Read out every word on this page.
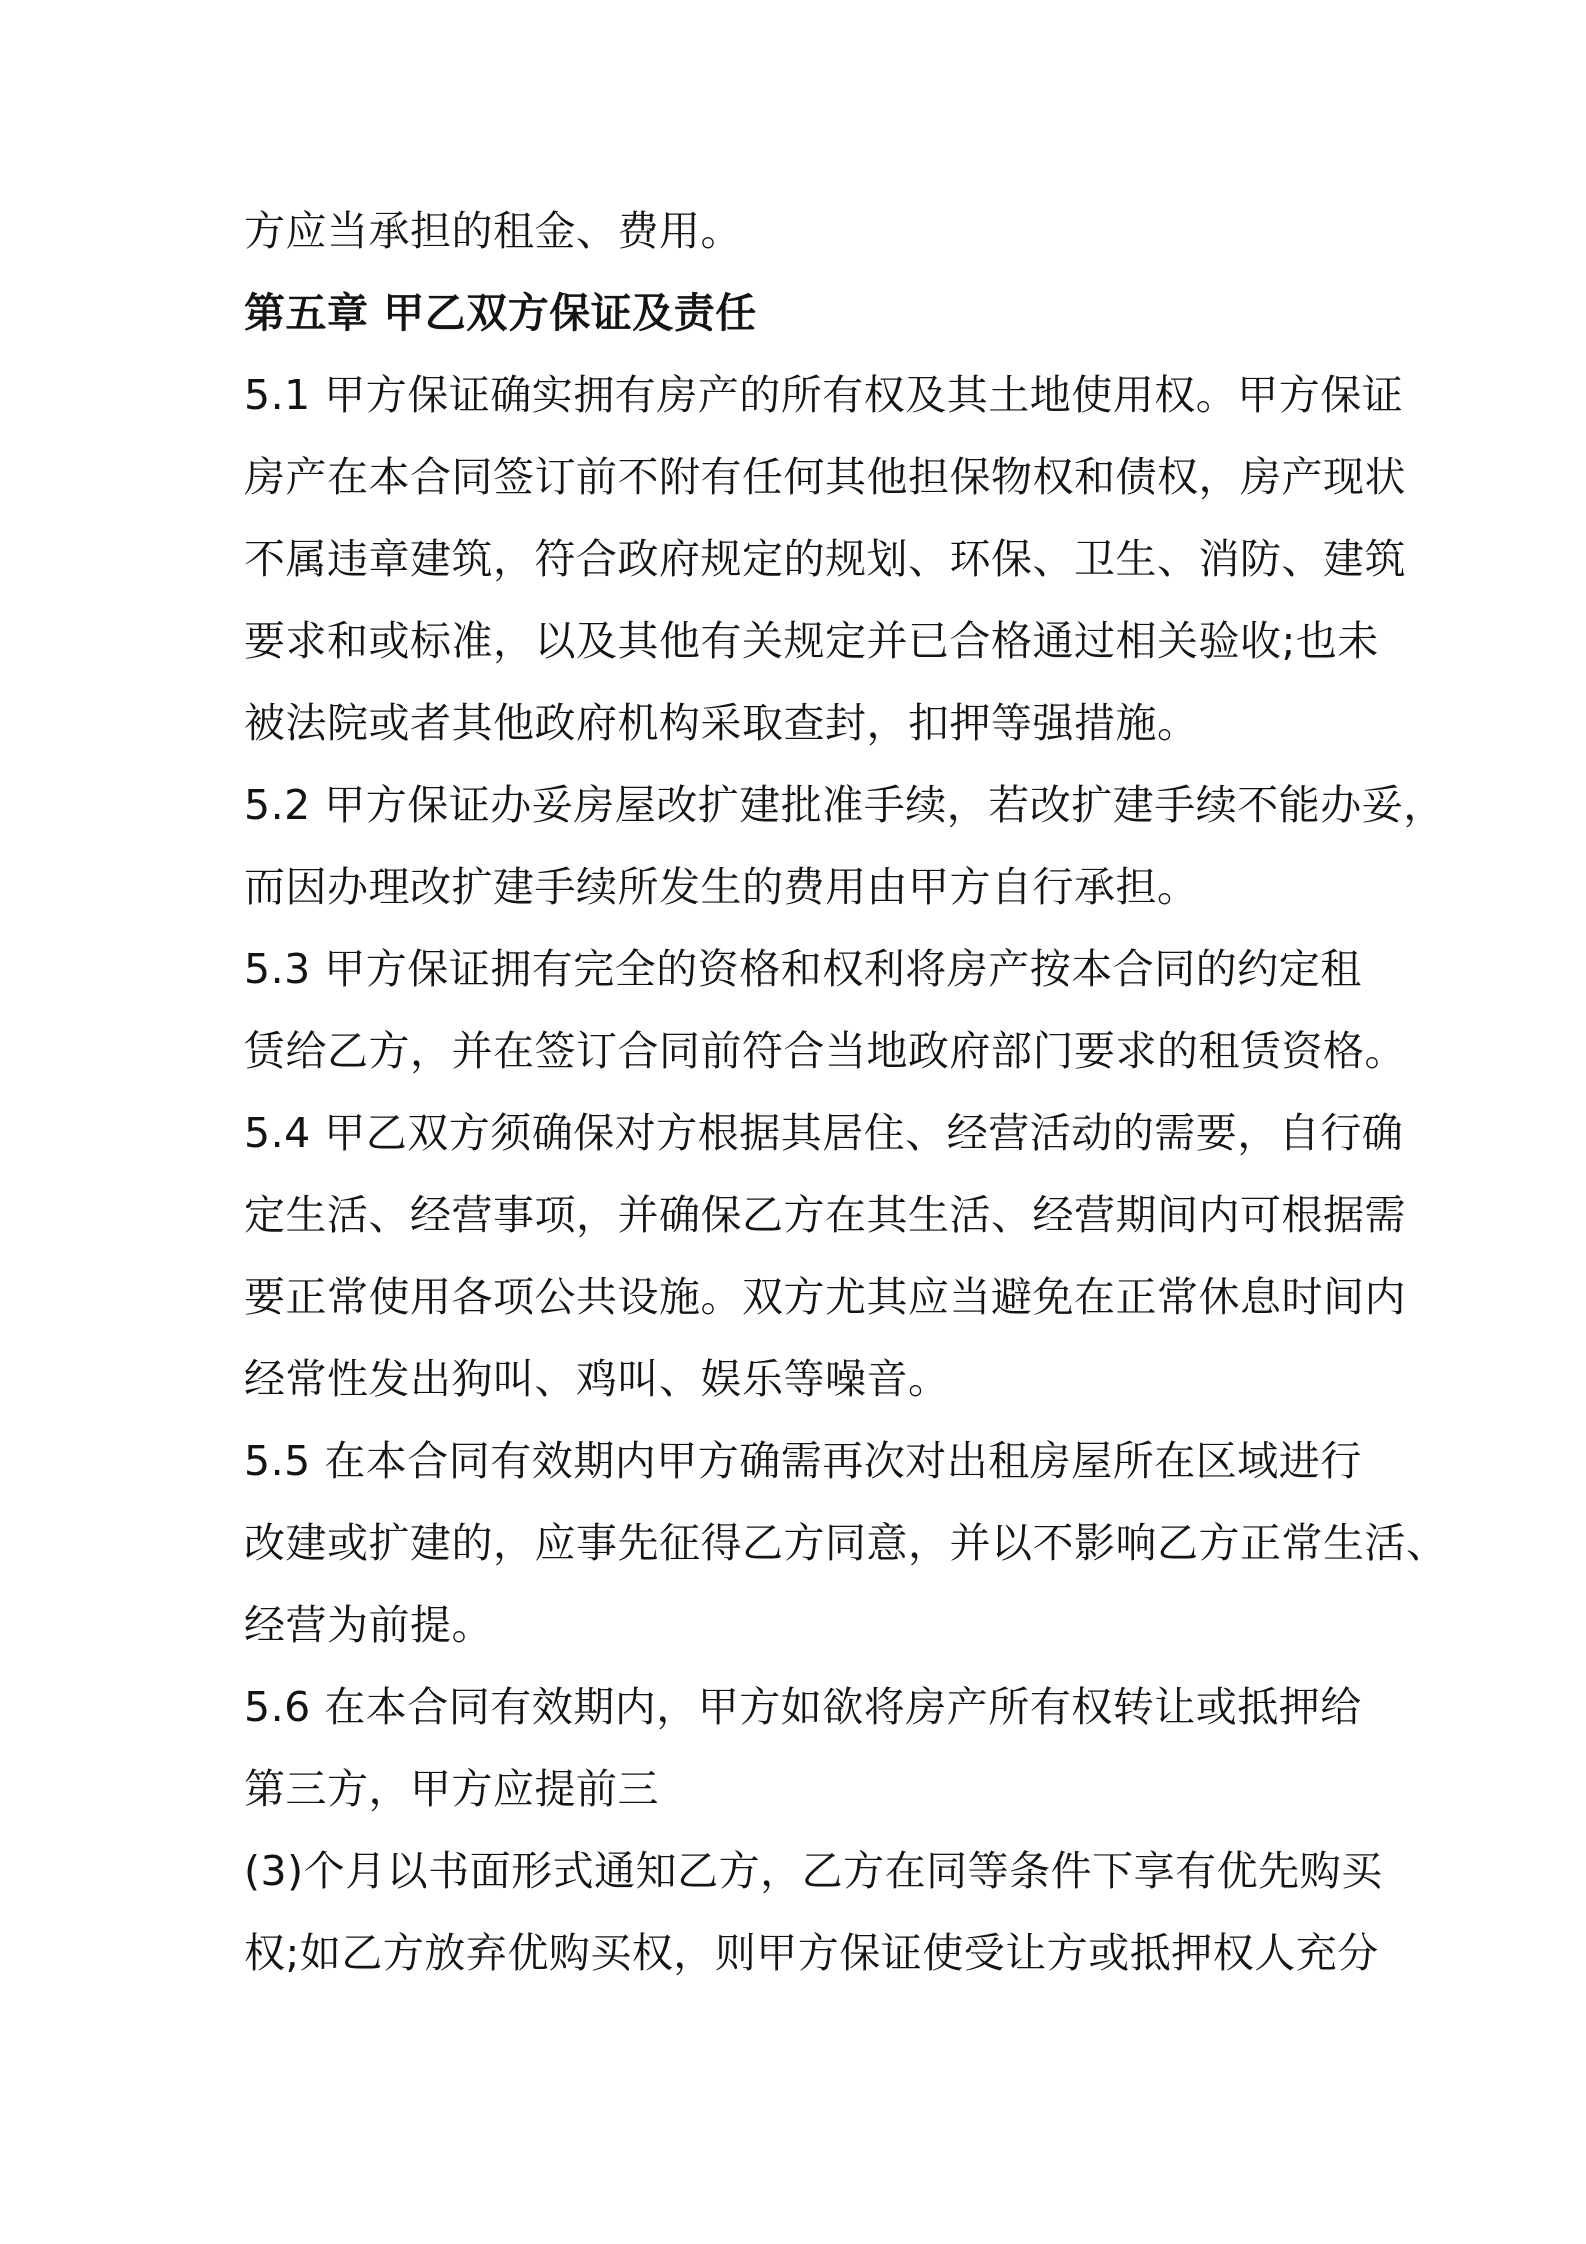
方应当承担的租金、费用。
第五章 甲乙双方保证及责任
5.1 甲方保证确实拥有房产的所有权及其土地使用权。甲方保证
房产在本合同签订前不附有任何其他担保物权和债权，房产现状
不属违章建筑，符合政府规定的规划、环保、卫生、消防、建筑
要求和或标准，以及其他有关规定并已合格通过相关验收;也未
被法院或者其他政府机构采取查封，扣押等强措施。
5.2 甲方保证办妥房屋改扩建批准手续，若改扩建手续不能办妥，
而因办理改扩建手续所发生的费用由甲方自行承担。
5.3 甲方保证拥有完全的资格和权利将房产按本合同的约定租
赁给乙方，并在签订合同前符合当地政府部门要求的租赁资格。
5.4 甲乙双方须确保对方根据其居住、经营活动的需要，自行确
定生活、经营事项，并确保乙方在其生活、经营期间内可根据需
要正常使用各项公共设施。双方尤其应当避免在正常休息时间内
经常性发出狗叫、鸡叫、娱乐等噪音。
5.5 在本合同有效期内甲方确需再次对出租房屋所在区域进行
改建或扩建的，应事先征得乙方同意，并以不影响乙方正常生活、
经营为前提。
5.6 在本合同有效期内，甲方如欲将房产所有权转让或抵押给
第三方，甲方应提前三
(3)个月以书面形式通知乙方，乙方在同等条件下享有优先购买
权;如乙方放弃优购买权，则甲方保证使受让方或抵押权人充分
